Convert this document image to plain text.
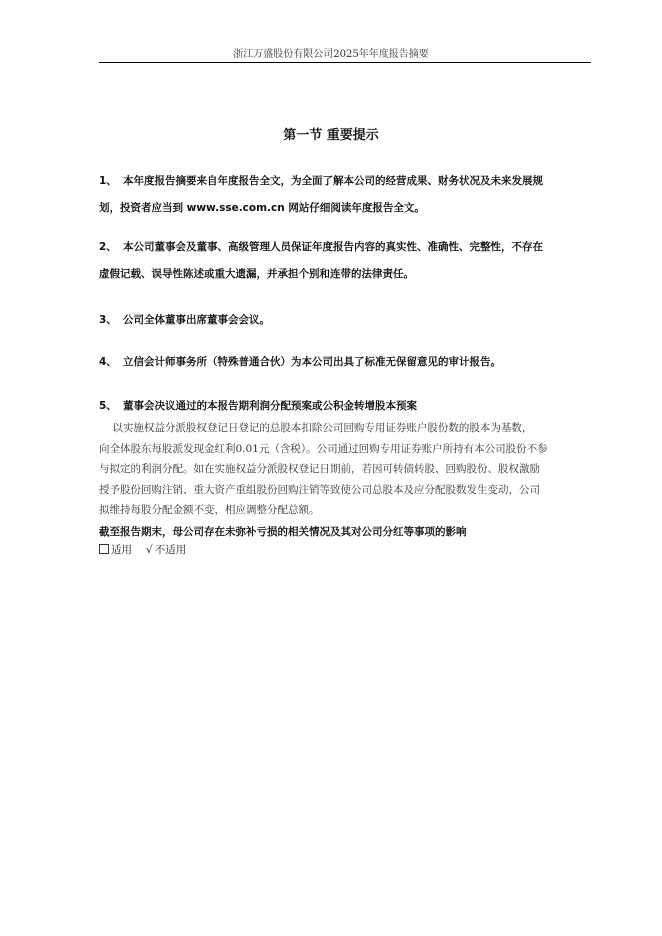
浙江万盛股份有限公司2025年年度报告摘要
第一节 重要提示
1、 本年度报告摘要来自年度报告全文，为全面了解本公司的经营成果、财务状况及未来发展规
划，投资者应当到 www.sse.com.cn 网站仔细阅读年度报告全文。
2、 本公司董事会及董事、高级管理人员保证年度报告内容的真实性、准确性、完整性，不存在
虚假记载、误导性陈述或重大遗漏，并承担个别和连带的法律责任。
3、 公司全体董事出席董事会会议。
4、 立信会计师事务所（特殊普通合伙）为本公司出具了标准无保留意见的审计报告。
5、 董事会决议通过的本报告期利润分配预案或公积金转增股本预案
以实施权益分派股权登记日登记的总股本扣除公司回购专用证券账户股份数的股本为基数，
向全体股东每股派发现金红利0.01元（含税）。公司通过回购专用证券账户所持有本公司股份不参
与拟定的利润分配。如在实施权益分派股权登记日期前，若因可转债转股、回购股份、股权激励
授予股份回购注销、重大资产重组股份回购注销等致使公司总股本及应分配股数发生变动，公司
拟维持每股分配金额不变，相应调整分配总额。
截至报告期末，母公司存在未弥补亏损的相关情况及其对公司分红等事项的影响
适用 √ 不适用
